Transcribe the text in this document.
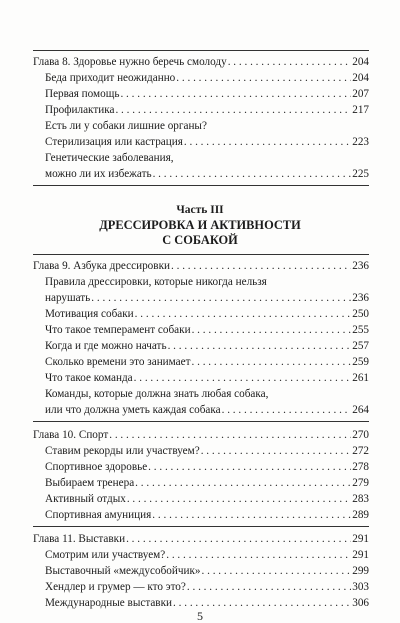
Глава 8. Здоровье нужно беречь смолоду . . .	204
Беда приходит неожиданно . . .	204
Первая помощь . . .	207
Профилактика . . .	217
Есть ли у собаки лишние органы?
Стерилизация или кастрация . . .	223
Генетические заболевания,
можно ли их избежать . . .	225
Часть III
ДРЕССИРОВКА И АКТИВНОСТИ
С СОБАКОЙ
Глава 9. Азбука дрессировки . . .	236
Правила дрессировки, которые никогда нельзя
нарушать . . .	236
Мотивация собаки . . .	250
Что такое темперамент собаки . . .	255
Когда и где можно начать . . .	257
Сколько времени это занимает . . .	259
Что такое команда . . .	261
Команды, которые должна знать любая собака,
или что должна уметь каждая собака . . .	264
Глава 10. Спорт . . .	270
Ставим рекорды или участвуем? . . .	272
Спортивное здоровье . . .	278
Выбираем тренера . . .	279
Активный отдых . . .	283
Спортивная амуниция . . .	289
Глава 11. Выставки . . .	291
Смотрим или участвуем? . . .	291
Выставочный «междусобойчик» . . .	299
Хендлер и грумер — кто это? . . .	303
Международные выставки . . .	306
5
